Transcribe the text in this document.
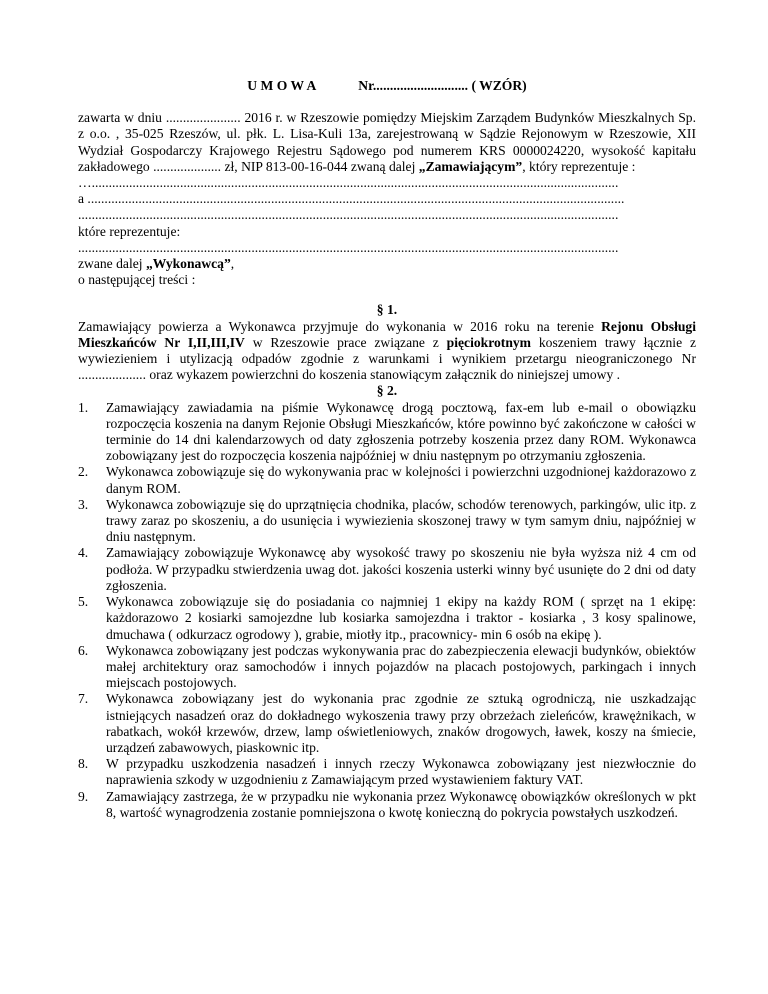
U M O W A	Nr............................ ( WZÓR)

zawarta w dniu ...................... 2016 r. w Rzeszowie pomiędzy Miejskim Zarządem Budynków Mieszkalnych Sp. z o.o. , 35-025 Rzeszów, ul. płk. L. Lisa-Kuli 13a, zarejestrowaną w Sądzie Rejonowym w Rzeszowie, XII Wydział Gospodarczy Krajowego Rejestru Sądowego pod numerem KRS 0000024220, wysokość kapitału zakładowego .................... zł, NIP 813-00-16-044 zwaną dalej „Zamawiającym”, który reprezentuje :

…...........................................................................................................................................................
a ..............................................................................................................................................................
...............................................................................................................................................................
które reprezentuje:
...............................................................................................................................................................
zwane dalej „Wykonawcą”,
o następującej treści :
§ 1.

Zamawiający powierza a Wykonawca przyjmuje do wykonania w 2016 roku na terenie Rejonu Obsługi Mieszkańców Nr I,II,III,IV w Rzeszowie prace związane z pięciokrotnym koszeniem trawy łącznie z wywiezieniem i utylizacją odpadów zgodnie z warunkami i wynikiem przetargu nieograniczonego Nr .................... oraz wykazem powierzchni do koszenia stanowiącym załącznik do niniejszej umowy .

§ 2.
1. Zamawiający zawiadamia na piśmie Wykonawcę drogą pocztową, fax-em lub e-mail o obowiązku rozpoczęcia koszenia na danym Rejonie Obsługi Mieszkańców, które powinno być zakończone w całości w terminie do 14 dni kalendarzowych od daty zgłoszenia potrzeby koszenia przez dany ROM. Wykonawca zobowiązany jest do rozpoczęcia koszenia najpóźniej w dniu następnym po otrzymaniu zgłoszenia.
2. Wykonawca zobowiązuje się do wykonywania prac w kolejności i powierzchni uzgodnionej każdorazowo z danym ROM.
3. Wykonawca zobowiązuje się do uprzątnięcia chodnika, placów, schodów terenowych, parkingów, ulic itp. z trawy zaraz po skoszeniu, a do usunięcia i wywiezienia skoszonej trawy w tym samym dniu, najpóźniej w dniu następnym.
4. Zamawiający zobowiązuje Wykonawcę aby wysokość trawy po skoszeniu nie była wyższa niż 4 cm od podłoża. W przypadku stwierdzenia uwag dot. jakości koszenia usterki winny być usunięte do 2 dni od daty zgłoszenia.
5. Wykonawca zobowiązuje się do posiadania co najmniej 1 ekipy na każdy ROM ( sprzęt na 1 ekipę: każdorazowo 2 kosiarki samojezdne lub kosiarka samojezdna i traktor - kosiarka , 3 kosy spalinowe, dmuchawa ( odkurzacz ogrodowy ), grabie, miotły itp., pracownicy- min 6 osób na ekipę ).
6. Wykonawca zobowiązany jest podczas wykonywania prac do zabezpieczenia elewacji budynków, obiektów małej architektury oraz samochodów i innych pojazdów na placach postojowych, parkingach i innych miejscach postojowych.
7. Wykonawca zobowiązany jest do wykonania prac zgodnie ze sztuką ogrodniczą, nie uszkadzając istniejących nasadzeń oraz do dokładnego wykoszenia trawy przy obrzeżach zieleńców, krawężnikach, w rabatkach, wokół krzewów, drzew, lamp oświetleniowych, znaków drogowych, ławek, koszy na śmiecie, urządzeń zabawowych, piaskownic itp.
8. W przypadku uszkodzenia nasadzeń i innych rzeczy Wykonawca zobowiązany jest niezwłocznie do naprawienia szkody w uzgodnieniu z Zamawiającym przed wystawieniem faktury VAT.
9. Zamawiający zastrzega, że w przypadku nie wykonania przez Wykonawcę obowiązków określonych w pkt 8, wartość wynagrodzenia zostanie pomniejszona o kwotę konieczną do pokrycia powstałych uszkodzeń.
